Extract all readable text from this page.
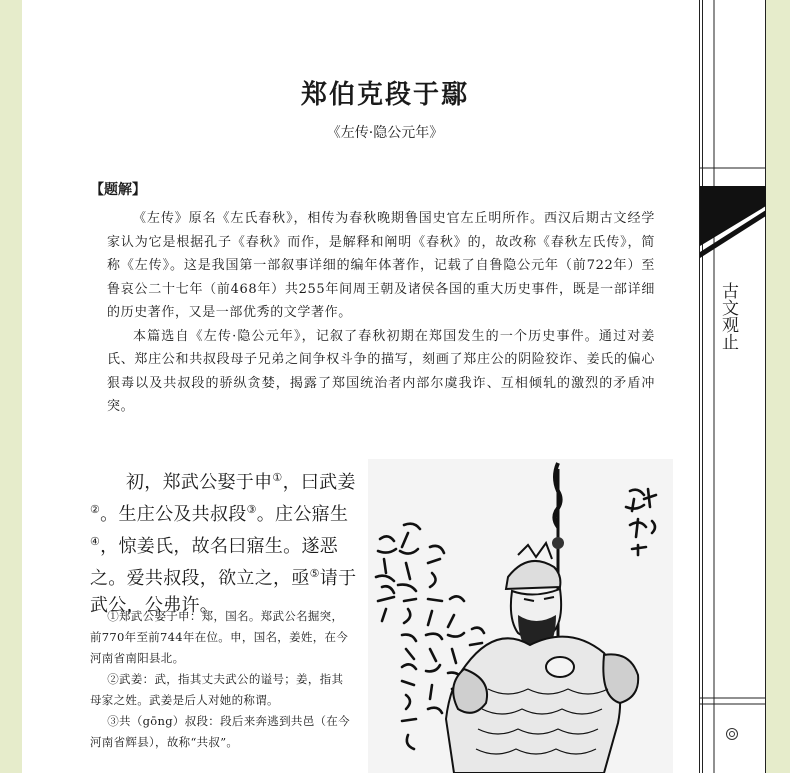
古文观止
郑伯克段于鄢
《左传·隐公元年》
【题解】

《左传》原名《左氏春秋》，相传为春秋晚期鲁国史官左丘明所作。西汉后期古文经学家认为它是根据孔子《春秋》而作，是解释和阐明《春秋》的，故改称《春秋左氏传》，简称《左传》。这是我国第一部叙事详细的编年体著作，记载了自鲁隐公元年（前722年）至鲁哀公二十七年（前468年）共255年间周王朝及诸侯各国的重大历史事件，既是一部详细的历史著作，又是一部优秀的文学著作。

本篇选自《左传·隐公元年》，记叙了春秋初期在郑国发生的一个历史事件。通过对姜氏、郑庄公和共叔段母子兄弟之间争权斗争的描写，刻画了郑庄公的阴险狡诈、姜氏的偏心狠毒以及共叔段的骄纵贪婪，揭露了郑国统治者内部尔虞我诈、互相倾轧的激烈的矛盾冲突。

初，郑武公娶于申①，曰武姜②。生庄公及共叔段③。庄公寤生④，惊姜氏，故名曰寤生。遂恶之。爱共叔段，欲立之，亟⑤请于武公，公弗许。

①郑武公娶于申：郑，国名。郑武公名掘突，前770年至前744年在位。申，国名，姜姓，在今河南省南阳县北。

②武姜：武，指其丈夫武公的谥号；姜，指其母家之姓。武姜是后人对她的称谓。

③共（gōng）叔段：段后来奔逃到共邑（在今河南省辉县），故称“共叔”。
